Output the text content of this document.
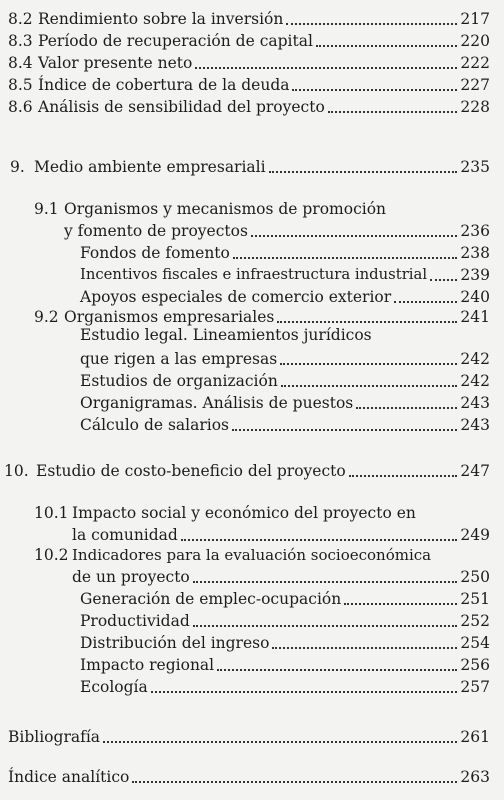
8.2 Rendimiento sobre la inversión	217
8.3 Período de recuperación de capital	220
8.4 Valor presente neto	222
8.5 Índice de cobertura de la deuda	227
8.6 Análisis de sensibilidad del proyecto	228
9. Medio ambiente empresariali	235
9.1 Organismos y mecanismos de promoción
y fomento de proyectos	236
Fondos de fomento	238
Incentivos fiscales e infraestructura industrial 239
Apoyos especiales de comercio exterior	240
9.2 Organismos empresariales	241
Estudio legal. Lineamientos jurídicos
que rigen a las empresas	242
Estudios de organización	242
Organigramas. Análisis de puestos	243
Cálculo de salarios	243
10. Estudio de costo-beneficio del proyecto	247
10.1 Impacto social y económico del proyecto en
la comunidad	249
10.2 Indicadores para la evaluación socioeconómica
de un proyecto	250
Generación de emplec-ocupación	251
Productividad	252
Distribución del ingreso	254
Impacto regional	256
Ecología	257
Bibliografía	261
Índice analítico	263
